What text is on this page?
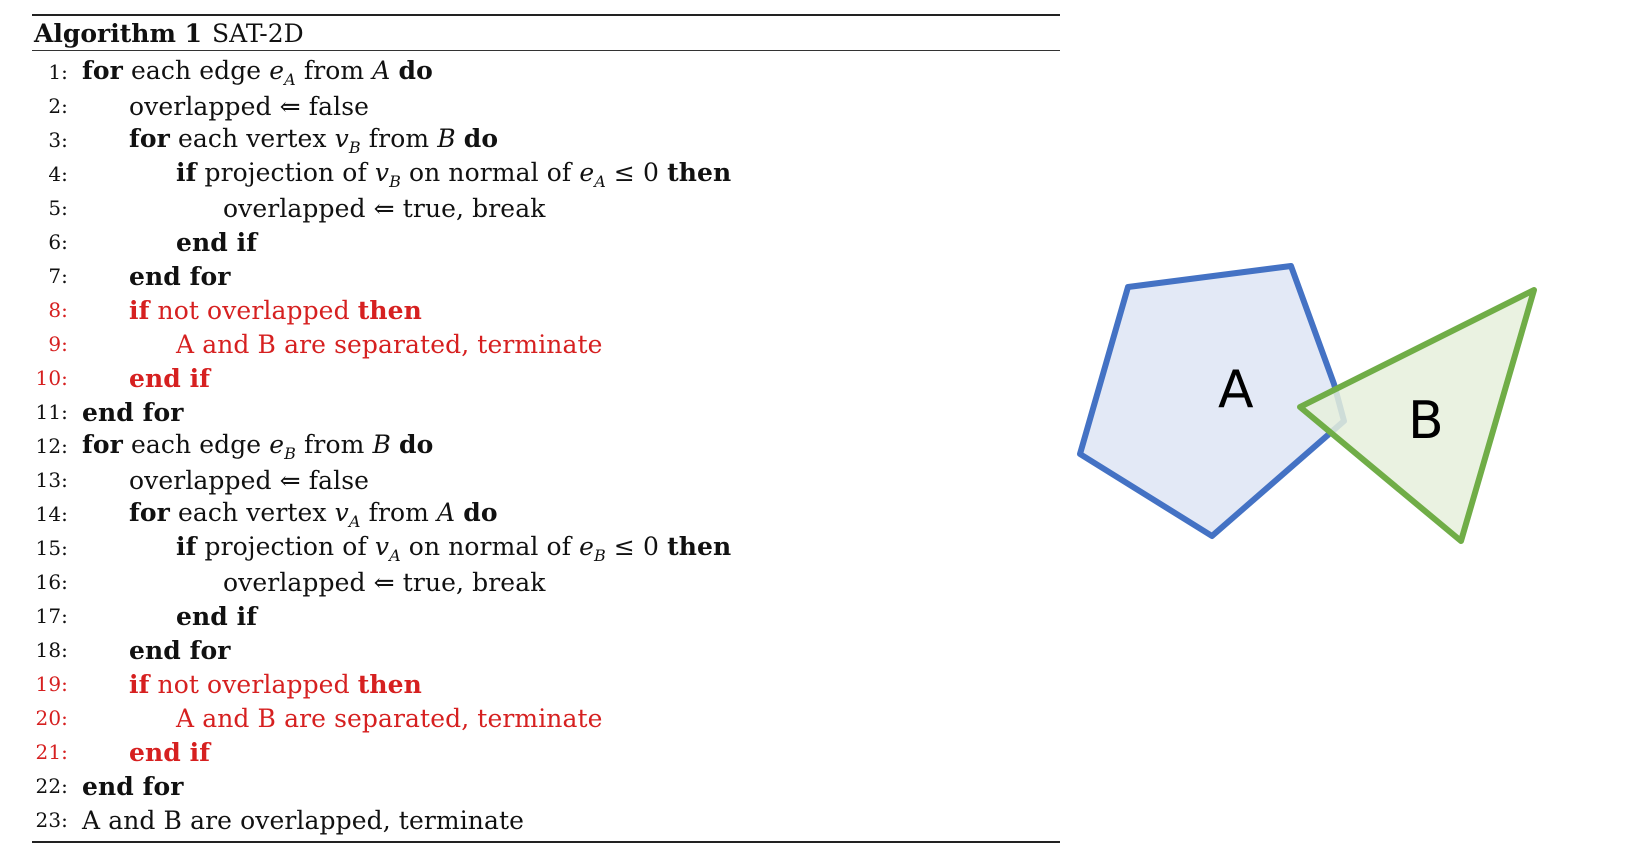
Algorithm 1 SAT-2D
1: for each edge $e_A$ from A do
2:	overlapped ⇐ false
3:	for each vertex $v_B$ from B do
4:	if projection of $v_B$ on normal of $e_A \le 0$ then
5:	overlapped ⇐ true, break
6:	end if
7:	end for
8:	if not overlapped then
9:	A and B are separated, terminate
10:	end if
11: end for
12: for each edge $e_B$ from B do
13:	overlapped ⇐ false
14:	for each vertex $v_A$ from A do
15:	if projection of $v_A$ on normal of $e_B \le 0$ then
16:	overlapped ⇐ true, break
17:	end if
18:	end for
19:	if not overlapped then
20:	A and B are separated, terminate
21:	end if
22: end for
23: A and B are overlapped, terminate
A
B
